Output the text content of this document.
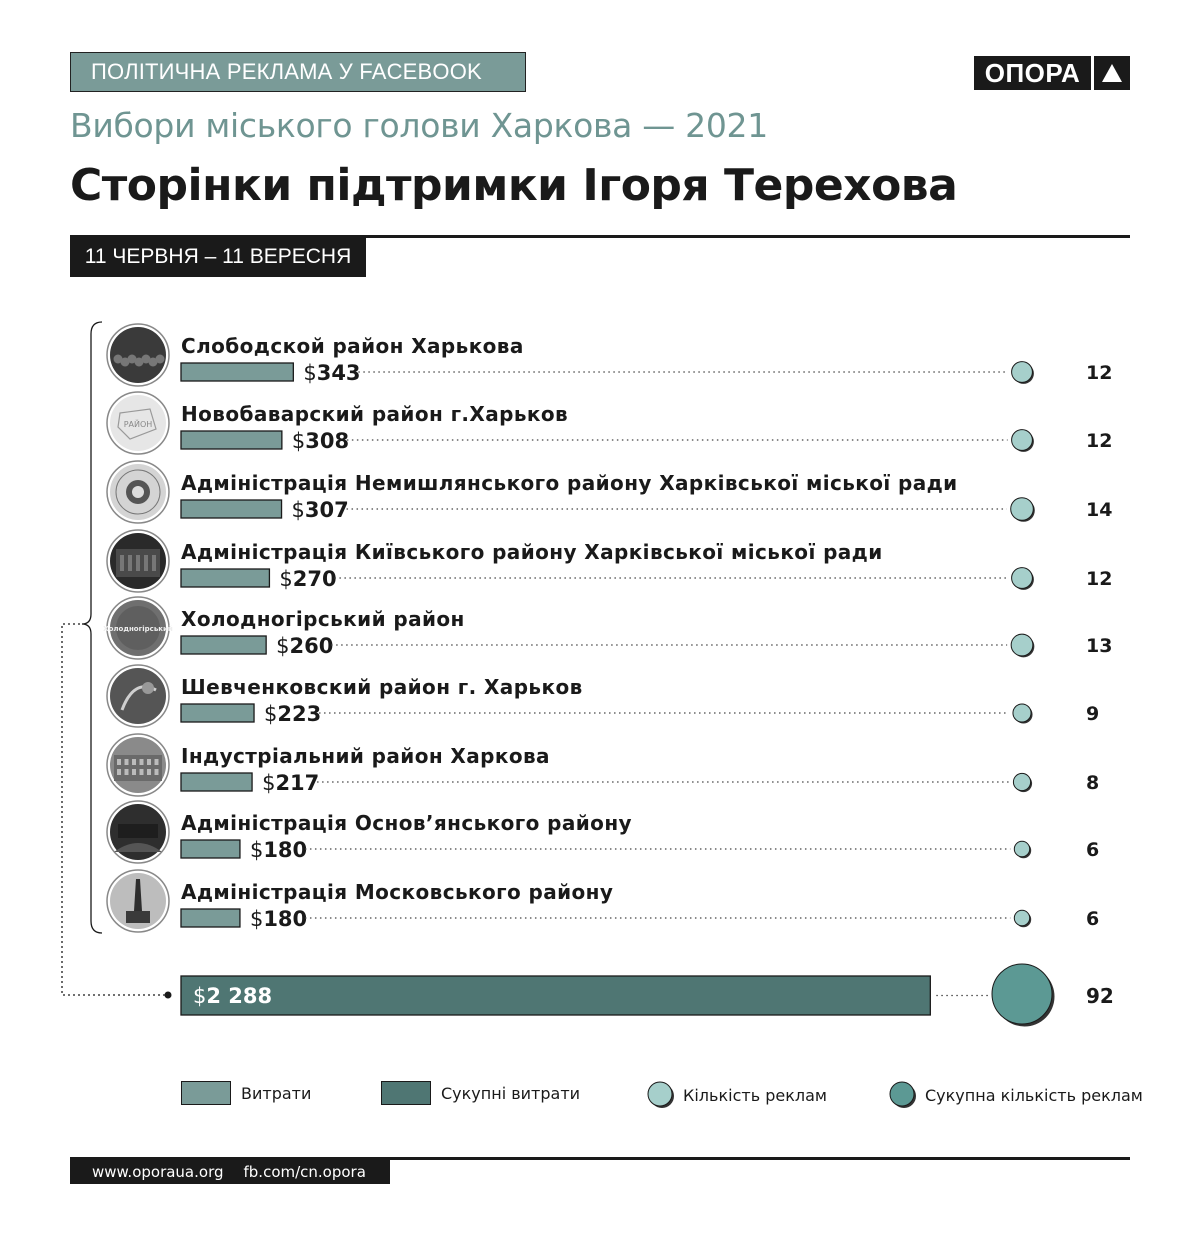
ПОЛІТИЧНА РЕКЛАМА У FACEBOOK	ОПОРА
Вибори міського голови Харкова — 2021
Сторінки підтримки Ігоря Терехова
11 ЧЕРВНЯ – 11 ВЕРЕСНЯ
Слободской район Харькова
$343	12
РАЙОН Новобаварский район г.Харьков
$308	12
Адміністрація Немишлянського району Харківської міської ради
$307	14
Адміністрація Київського району Харківської міської ради
$270	12
Холодногірський Холодногірський район
$260	13
Шевченковский район г. Харьков
$223	9
Індустріальний район Харкова
$217	8
Адміністрація Основ’янського району
$180	6
Адміністрація Московського району
$180	6
$2 288	92
Витрати	Сукупні витрати	Кількість реклам	Сукупна кількість реклам
www.oporaua.org fb.com/cn.opora
